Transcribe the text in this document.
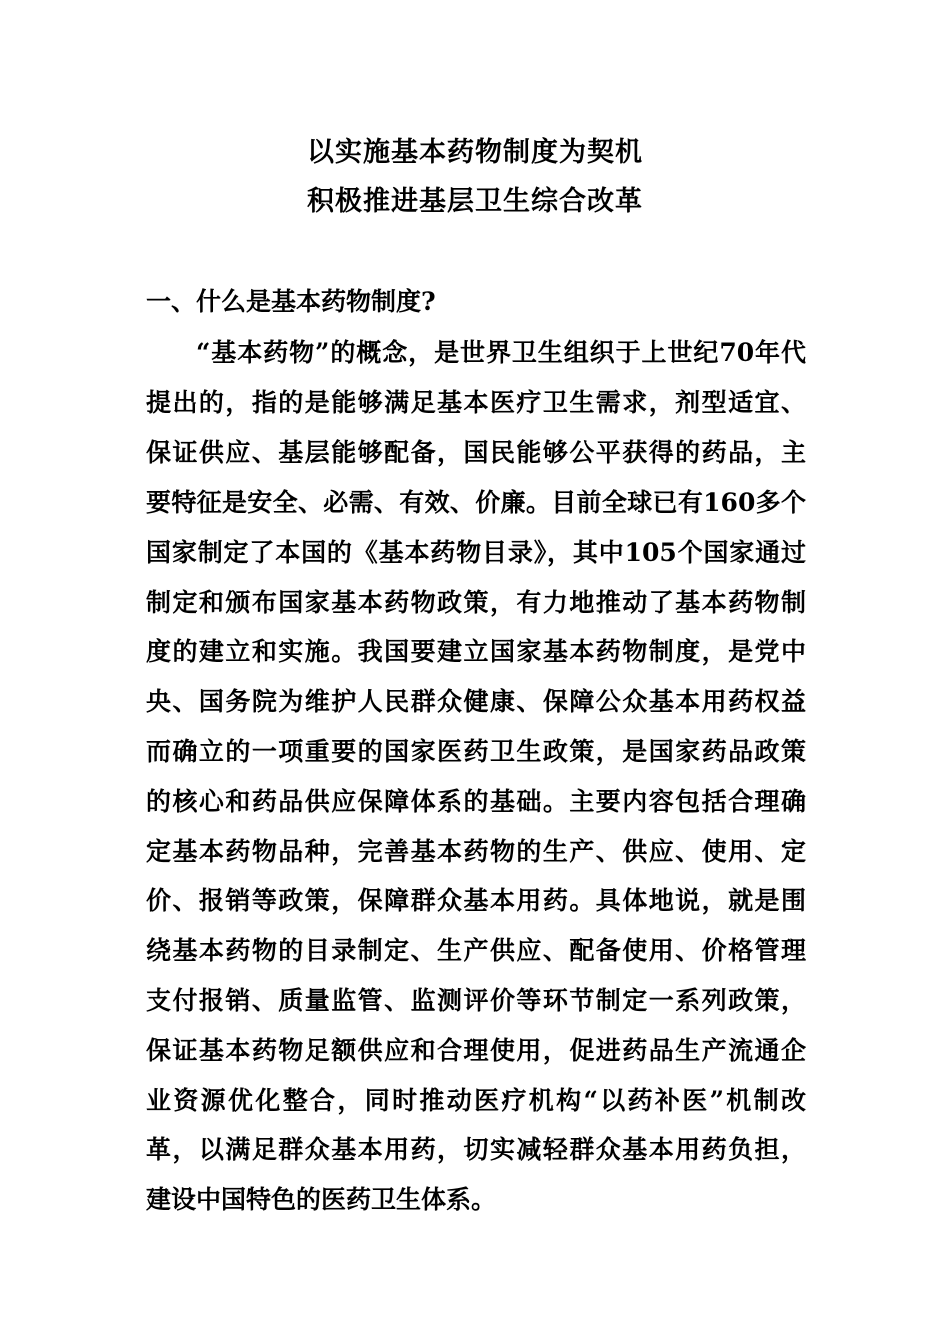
以实施基本药物制度为契机
积极推进基层卫生综合改革
一、什么是基本药物制度?
“基本药物”的概念，是世界卫生组织于上世纪70年代
提出的，指的是能够满足基本医疗卫生需求，剂型适宜、
保证供应、基层能够配备，国民能够公平获得的药品，主
要特征是安全、必需、有效、价廉。目前全球已有160多个
国家制定了本国的《基本药物目录》，其中105个国家通过
制定和颁布国家基本药物政策，有力地推动了基本药物制
度的建立和实施。我国要建立国家基本药物制度，是党中
央、国务院为维护人民群众健康、保障公众基本用药权益
而确立的一项重要的国家医药卫生政策，是国家药品政策
的核心和药品供应保障体系的基础。主要内容包括合理确
定基本药物品种，完善基本药物的生产、供应、使用、定
价、报销等政策，保障群众基本用药。具体地说，就是围
绕基本药物的目录制定、生产供应、配备使用、价格管理
支付报销、质量监管、监测评价等环节制定一系列政策，
保证基本药物足额供应和合理使用，促进药品生产流通企
业资源优化整合，同时推动医疗机构“以药补医”机制改
革，以满足群众基本用药，切实减轻群众基本用药负担，
建设中国特色的医药卫生体系。
